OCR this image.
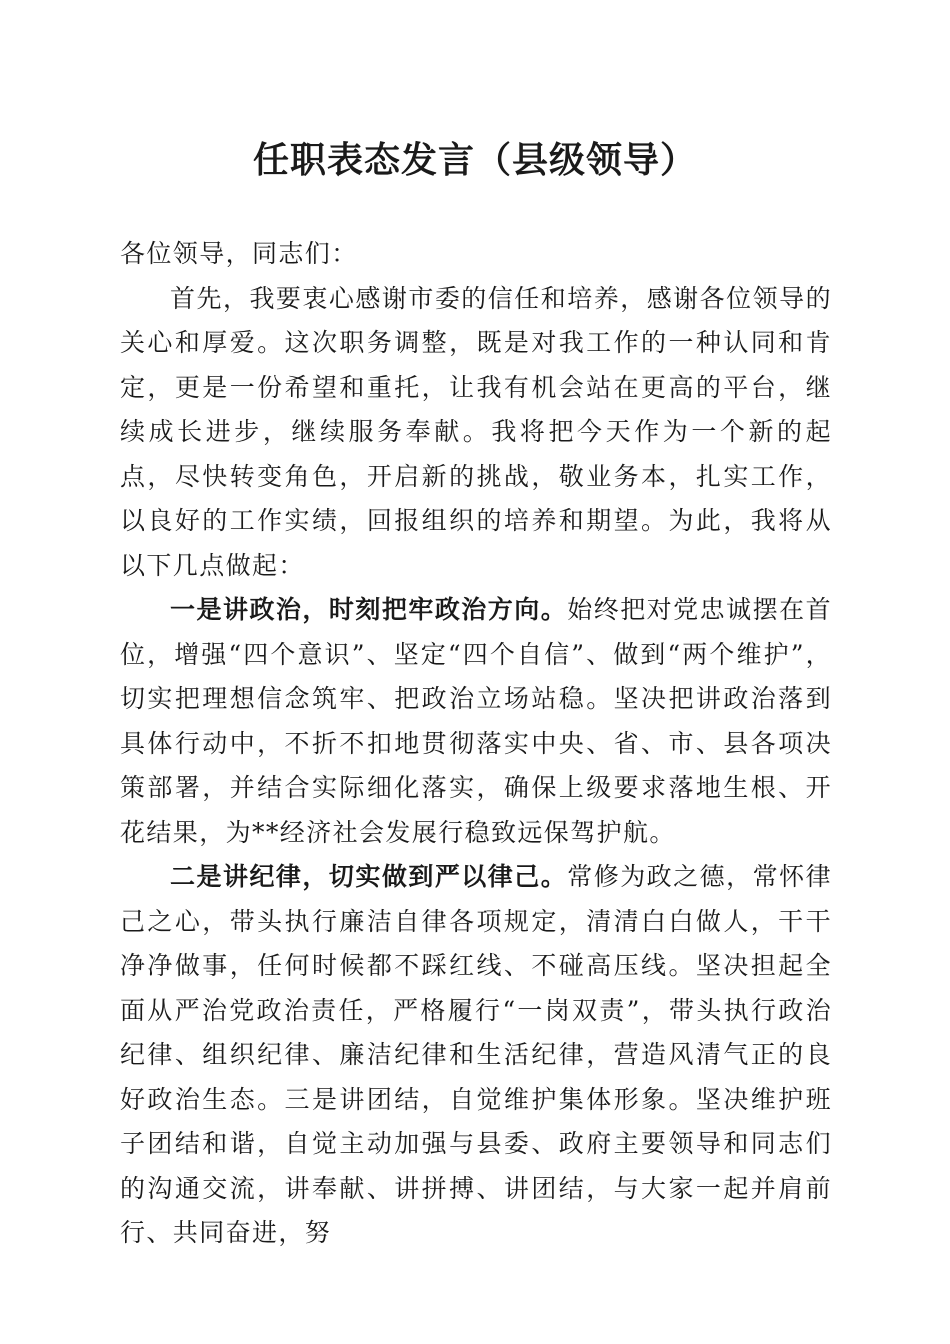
任职表态发言（县级领导）

各位领导，同志们：

首先，我要衷心感谢市委的信任和培养，感谢各位领导的关心和厚爱。这次职务调整，既是对我工作的一种认同和肯定，更是一份希望和重托，让我有机会站在更高的平台，继续成长进步，继续服务奉献。我将把今天作为一个新的起点，尽快转变角色，开启新的挑战，敬业务本，扎实工作，以良好的工作实绩，回报组织的培养和期望。为此，我将从以下几点做起：

一是讲政治，时刻把牢政治方向。始终把对党忠诚摆在首位，增强“四个意识”、坚定“四个自信”、做到“两个维护”，切实把理想信念筑牢、把政治立场站稳。坚决把讲政治落到具体行动中，不折不扣地贯彻落实中央、省、市、县各项决策部署，并结合实际细化落实，确保上级要求落地生根、开花结果，为**经济社会发展行稳致远保驾护航。

二是讲纪律，切实做到严以律己。常修为政之德，常怀律己之心，带头执行廉洁自律各项规定，清清白白做人，干干净净做事，任何时候都不踩红线、不碰高压线。坚决担起全面从严治党政治责任，严格履行“一岗双责”，带头执行政治纪律、组织纪律、廉洁纪律和生活纪律，营造风清气正的良好政治生态。三是讲团结，自觉维护集体形象。坚决维护班子团结和谐，自觉主动加强与县委、政府主要领导和同志们的沟通交流，讲奉献、讲拼搏、讲团结，与大家一起并肩前行、共同奋进，努
